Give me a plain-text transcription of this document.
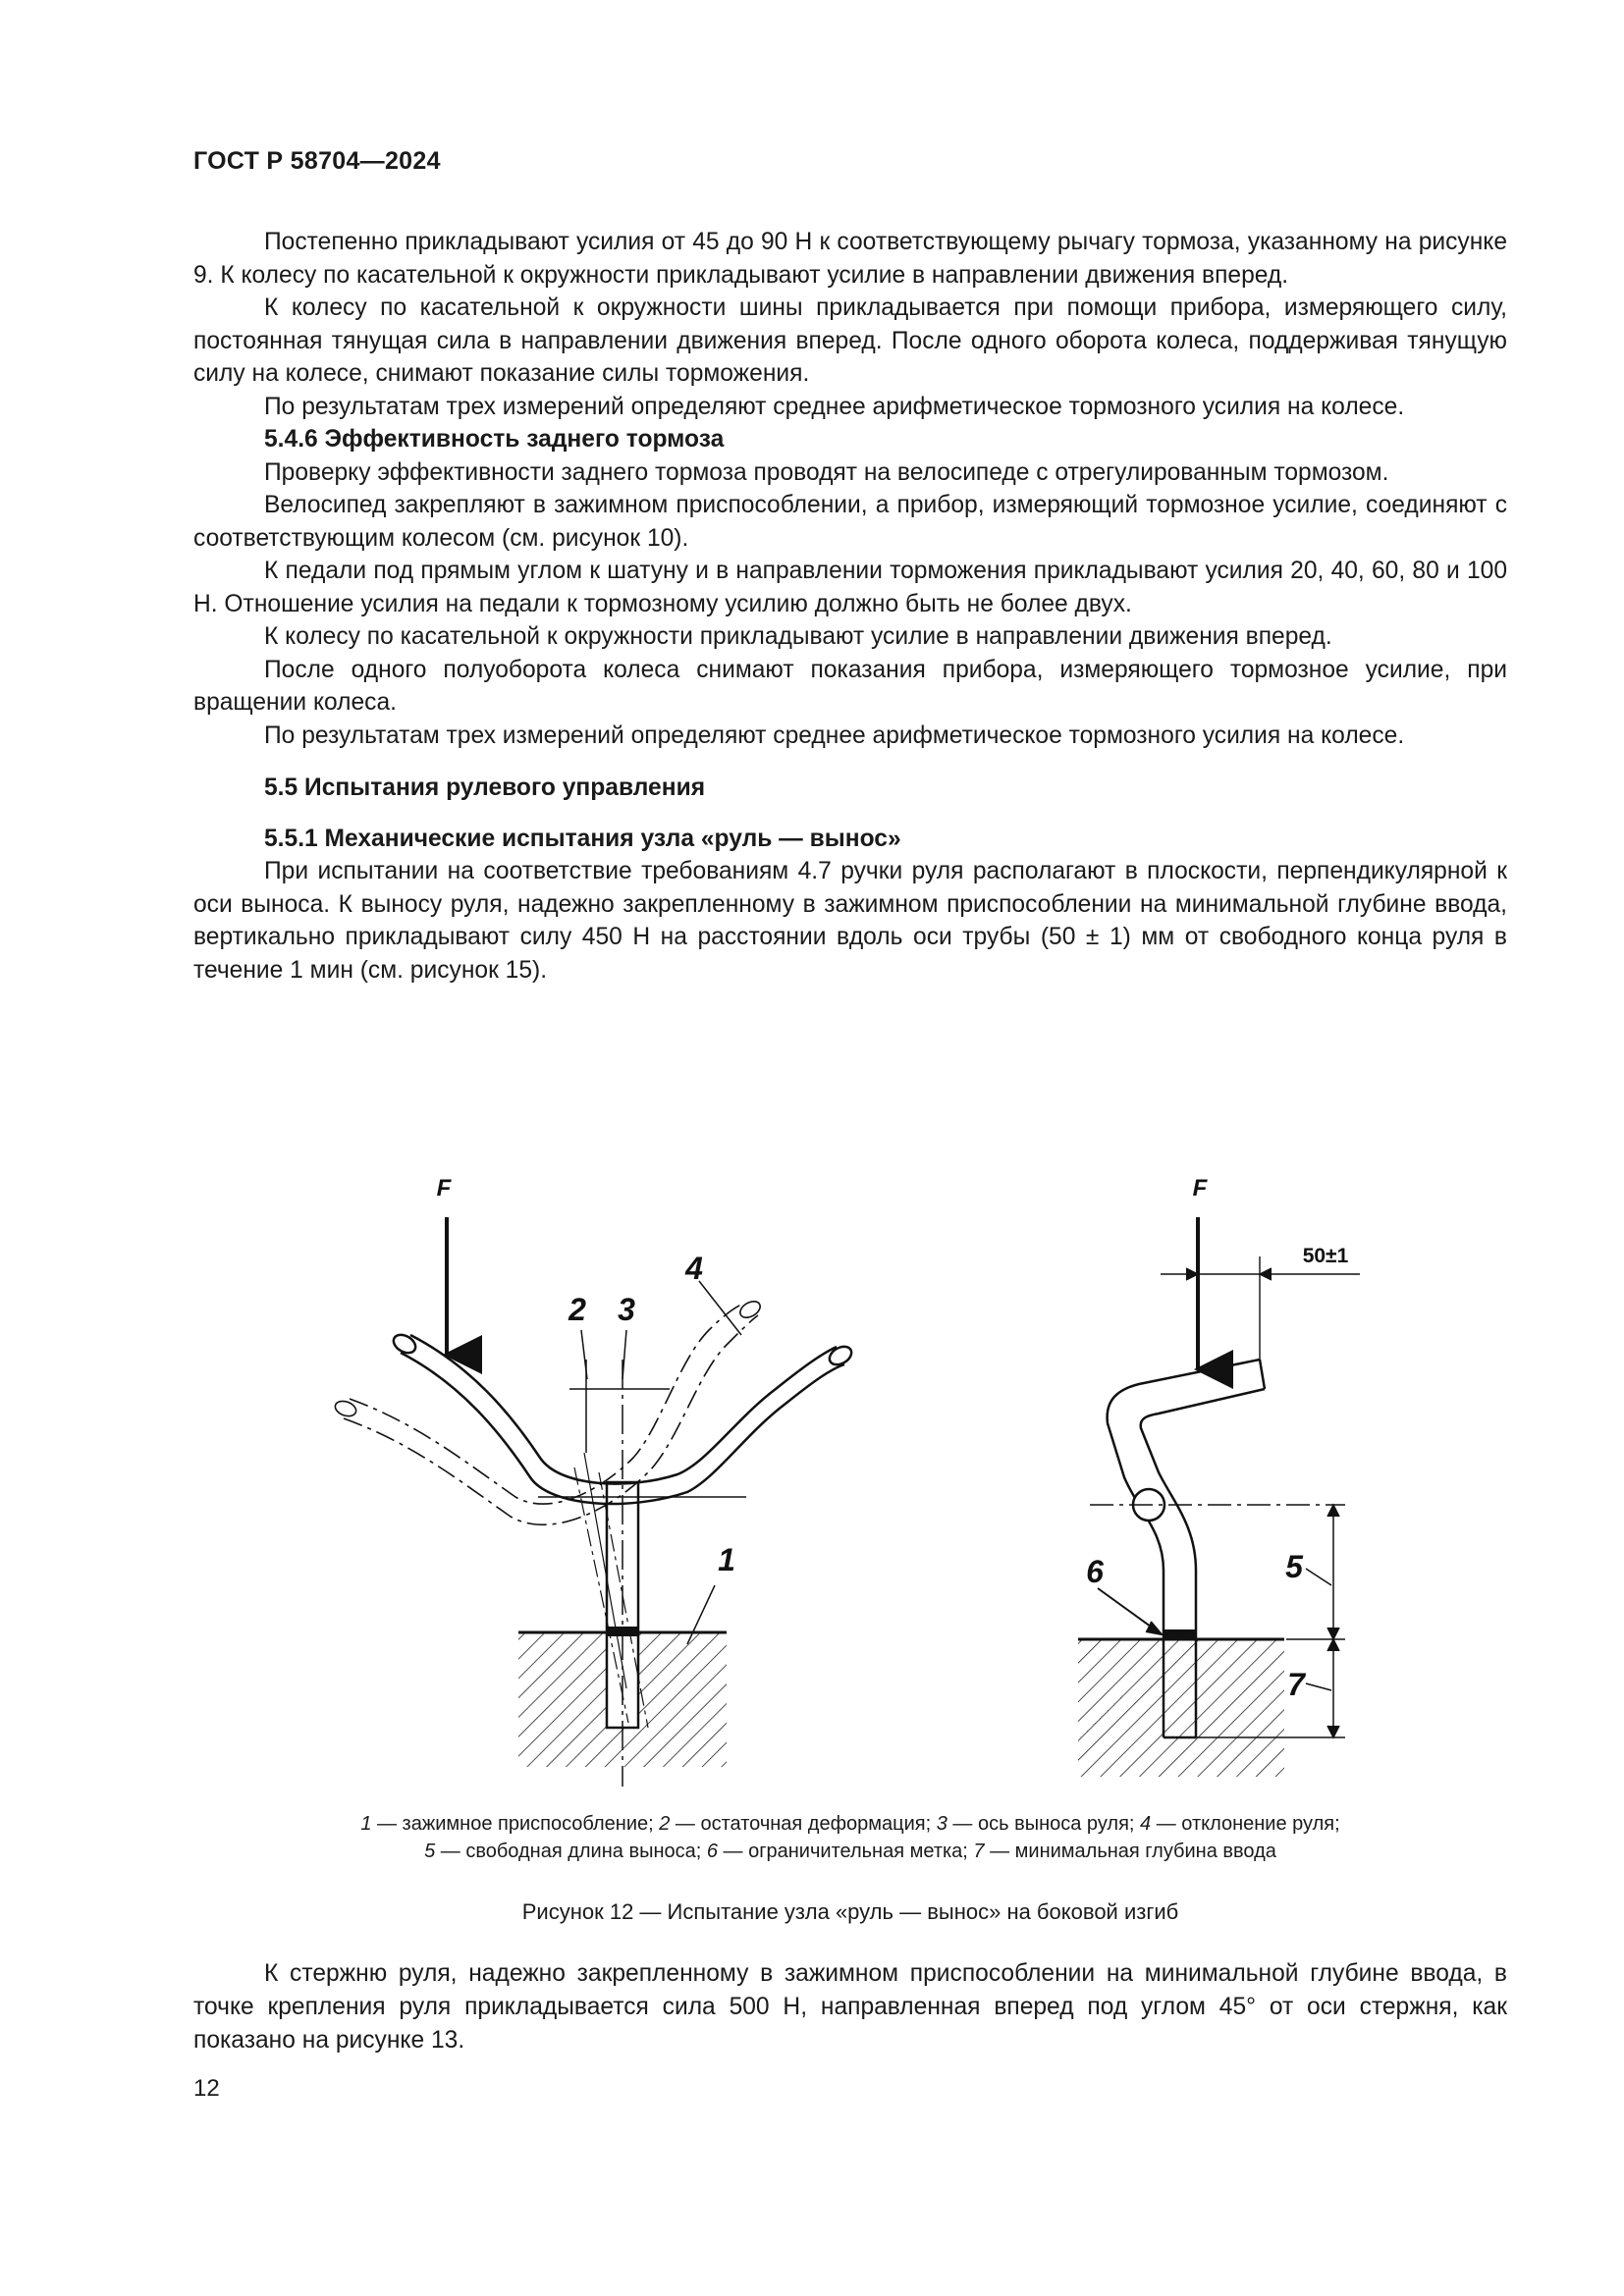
ГОСТ Р 58704—2024

Постепенно прикладывают усилия от 45 до 90 Н к соответствующему рычагу тормоза, указанному на рисунке 9. К колесу по касательной к окружности прикладывают усилие в направлении движения вперед.

К колесу по касательной к окружности шины прикладывается при помощи прибора, измеряющего силу, постоянная тянущая сила в направлении движения вперед. После одного оборота колеса, поддерживая тянущую силу на колесе, снимают показание силы торможения.

По результатам трех измерений определяют среднее арифметическое тормозного усилия на колесе.

5.4.6 Эффективность заднего тормоза

Проверку эффективности заднего тормоза проводят на велосипеде с отрегулированным тормозом.

Велосипед закрепляют в зажимном приспособлении, а прибор, измеряющий тормозное усилие, соединяют с соответствующим колесом (см. рисунок 10).

К педали под прямым углом к шатуну и в направлении торможения прикладывают усилия 20, 40, 60, 80 и 100 Н. Отношение усилия на педали к тормозному усилию должно быть не более двух.

К колесу по касательной к окружности прикладывают усилие в направлении движения вперед.

После одного полуоборота колеса снимают показания прибора, измеряющего тормозное усилие, при вращении колеса.

По результатам трех измерений определяют среднее арифметическое тормозного усилия на колесе.

5.5 Испытания рулевого управления

5.5.1 Механические испытания узла «руль — вынос»

При испытании на соответствие требованиям 4.7 ручки руля располагают в плоскости, перпендикулярной к оси выноса. К выносу руля, надежно закрепленному в зажимном приспособлении на минимальной глубине ввода, вертикально прикладывают силу 450 Н на расстоянии вдоль оси трубы (50 ± 1) мм от свободного конца руля в течение 1 мин (см. рисунок 15).

F
2 3
4
1
F
50±1
6	5
7
1 — зажимное приспособление; 2 — остаточная деформация; 3 — ось выноса руля; 4 — отклонение руля;
5 — свободная длина выноса; 6 — ограничительная метка; 7 — минимальная глубина ввода
Рисунок 12 — Испытание узла «руль — вынос» на боковой изгиб

К стержню руля, надежно закрепленному в зажимном приспособлении на минимальной глубине ввода, в точке крепления руля прикладывается сила 500 Н, направленная вперед под углом 45° от оси стержня, как показано на рисунке 13.

12
